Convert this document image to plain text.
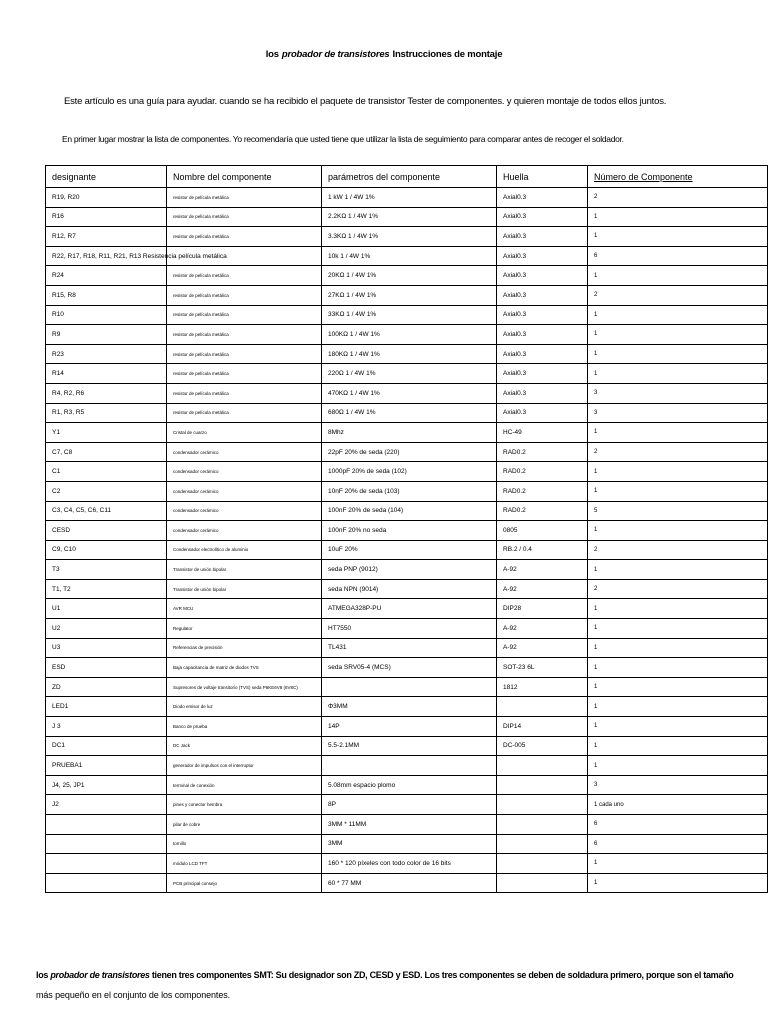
los probador de transistores Instrucciones de montaje
Este artículo es una guía para ayudar. cuando se ha recibido el paquete de transistor Tester de componentes. y quieren montaje de todos ellos juntos.
En primer lugar mostrar la lista de componentes. Yo recomendaría que usted tiene que utilizar la lista de seguimiento para comparar antes de recoger el soldador.
designante	Nombre del componente	parámetros del componente	Huella	Número de Componente
R19, R20	resistor de película metálica	1 kW 1 / 4W 1%	Axial0.3	2
R16	resistor de película metálica	2.2KΩ 1 / 4W 1%	Axial0.3	1
R12, R7	resistor de película metálica	3.3KΩ 1 / 4W 1%	Axial0.3	1
R22, R17, R18, R11, R21, R13 Resistencia película metálica		10k 1 / 4W 1%	Axial0.3	6
R24	resistor de película metálica	20KΩ 1 / 4W 1%	Axial0.3	1
R15, R8	resistor de película metálica	27KΩ 1 / 4W 1%	Axial0.3	2
R10	resistor de película metálica	33KΩ 1 / 4W 1%	Axial0.3	1
R9	resistor de película metálica	100KΩ 1 / 4W 1%	Axial0.3	1
R23	resistor de película metálica	180KΩ 1 / 4W 1%	Axial0.3	1
R14	resistor de película metálica	220Ω 1 / 4W 1%	Axial0.3	1
R4, R2, R6	resistor de película metálica	470KΩ 1 / 4W 1%	Axial0.3	3
R1, R3, R5	resistor de película metálica	680Ω 1 / 4W 1%	Axial0.3	3
Y1	Cristal de cuarzo	8Mhz	HC-49	1
C7, C8	condensador cerámico	22pF 20% de seda (220)	RAD0.2	2
C1	condensador cerámico	1000pF 20% de seda (102)	RAD0.2	1
C2	condensador cerámico	10nF 20% de seda (103)	RAD0.2	1
C3, C4, C5, C6, C11	condensador cerámico	100nF 20% de seda (104)	RAD0.2	5
CESD	condensador cerámico	100nF 20% no seda	0805	1
C9, C10	Condensador electrolítico de aluminio	10uF 20%	RB.2 / 0.4	2
T3	Transistor de unión bipolar	seda PNP (9012)	A-92	1
T1, T2	Transistor de unión bipolar	seda NPN (9014)	A-92	2
U1	AVR MCU	ATMEGA328P-PU	DIP28	1
U2	Regulator	HT7550	A-92	1
U3	Referencias de precisión	TL431	A-92	1
ESD	Baja capacitancia de matriz de diodos TVS	seda SRV05-4 (MCS)	SOT-23 6L	1
ZD	Supresores de voltaje transitorio (TVS) seda P6KE6V8 (6V8C)		1812	1
LED1	Diodo emisor de luz	Φ3MM		1
J 3	Banco de prueba	14P	DIP14	1
DC1	DC Jack	5.5-2.1MM	DC-005	1
PRUEBA1	generador de impulsos con el interruptor			1
J4, 25, JP1	terminal de conexión	5.08mm espacio plomo		3
J2	pines y conector hembra	8P		1 cada uno
	pilar de cobre	3MM * 11MM		6
	tornillo	3MM		6
	módulo LCD TFT	160 * 120 píxeles con todo color de 16 bits		1
	PCB principal consejo	60 * 77 MM		1
los probador de transistores tienen tres componentes SMT: Su designador son ZD, CESD y ESD. Los tres componentes se deben de soldadura primero, porque son el tamaño
más pequeño en el conjunto de los componentes.
